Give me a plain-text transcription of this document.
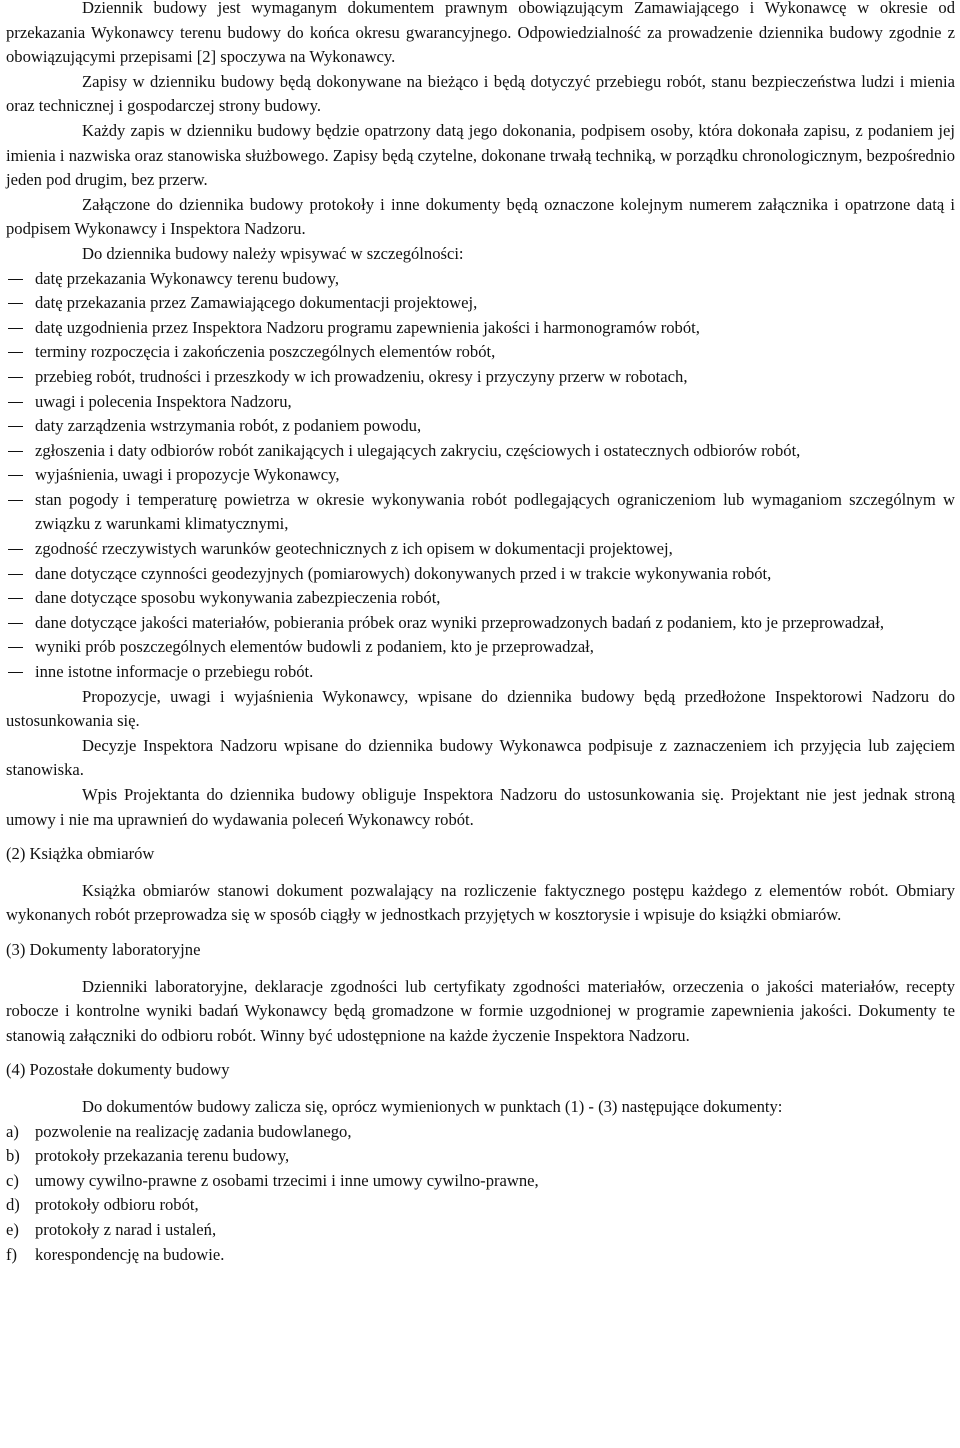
Dziennik budowy jest wymaganym dokumentem prawnym obowiązującym Zamawiającego i Wykonawcę w okresie od przekazania Wykonawcy terenu budowy do końca okresu gwarancyjnego. Odpowiedzialność za prowadzenie dziennika budowy zgodnie z obowiązującymi przepisami [2] spoczywa na Wykonawcy.

Zapisy w dzienniku budowy będą dokonywane na bieżąco i będą dotyczyć przebiegu robót, stanu bezpieczeństwa ludzi i mienia oraz technicznej i gospodarczej strony budowy.

Każdy zapis w dzienniku budowy będzie opatrzony datą jego dokonania, podpisem osoby, która dokonała zapisu, z podaniem jej imienia i nazwiska oraz stanowiska służbowego. Zapisy będą czytelne, dokonane trwałą techniką, w porządku chronologicznym, bezpośrednio jeden pod drugim, bez przerw.

Załączone do dziennika budowy protokoły i inne dokumenty będą oznaczone kolejnym numerem załącznika i opatrzone datą i podpisem Wykonawcy i Inspektora Nadzoru.

Do dziennika budowy należy wpisywać w szczególności:

datę przekazania Wykonawcy terenu budowy,
datę przekazania przez Zamawiającego dokumentacji projektowej,
datę uzgodnienia przez Inspektora Nadzoru programu zapewnienia jakości i harmonogramów robót,
terminy rozpoczęcia i zakończenia poszczególnych elementów robót,
przebieg robót, trudności i przeszkody w ich prowadzeniu, okresy i przyczyny przerw w robotach,
uwagi i polecenia Inspektora Nadzoru,
daty zarządzenia wstrzymania robót, z podaniem powodu,
zgłoszenia i daty odbiorów robót zanikających i ulegających zakryciu, częściowych i ostatecznych odbiorów robót,
wyjaśnienia, uwagi i propozycje Wykonawcy,
stan pogody i temperaturę powietrza w okresie wykonywania robót podlegających ograniczeniom lub wymaganiom szczególnym w związku z warunkami klimatycznymi,
zgodność rzeczywistych warunków geotechnicznych z ich opisem w dokumentacji projektowej,
dane dotyczące czynności geodezyjnych (pomiarowych) dokonywanych przed i w trakcie wykonywania robót,
dane dotyczące sposobu wykonywania zabezpieczenia robót,
dane dotyczące jakości materiałów, pobierania próbek oraz wyniki przeprowadzonych badań z podaniem, kto je przeprowadzał,
wyniki prób poszczególnych elementów budowli z podaniem, kto je przeprowadzał,
inne istotne informacje o przebiegu robót.

Propozycje, uwagi i wyjaśnienia Wykonawcy, wpisane do dziennika budowy będą przedłożone Inspektorowi Nadzoru do ustosunkowania się.

Decyzje Inspektora Nadzoru wpisane do dziennika budowy Wykonawca podpisuje z zaznaczeniem ich przyjęcia lub zajęciem stanowiska.

Wpis Projektanta do dziennika budowy obliguje Inspektora Nadzoru do ustosunkowania się. Projektant nie jest jednak stroną umowy i nie ma uprawnień do wydawania poleceń Wykonawcy robót.

(2) Książka obmiarów

Książka obmiarów stanowi dokument pozwalający na rozliczenie faktycznego postępu każdego z elementów robót. Obmiary wykonanych robót przeprowadza się w sposób ciągły w jednostkach przyjętych w kosztorysie i wpisuje do książki obmiarów.

(3) Dokumenty laboratoryjne

Dzienniki laboratoryjne, deklaracje zgodności lub certyfikaty zgodności materiałów, orzeczenia o jakości materiałów, recepty robocze i kontrolne wyniki badań Wykonawcy będą gromadzone w formie uzgodnionej w programie zapewnienia jakości. Dokumenty te stanowią załączniki do odbioru robót. Winny być udostępnione na każde życzenie Inspektora Nadzoru.

(4) Pozostałe dokumenty budowy

Do dokumentów budowy zalicza się, oprócz wymienionych w punktach (1) - (3) następujące dokumenty:

a) pozwolenie na realizację zadania budowlanego,
b) protokoły przekazania terenu budowy,
c) umowy cywilno-prawne z osobami trzecimi i inne umowy cywilno-prawne,
d) protokoły odbioru robót,
e) protokoły z narad i ustaleń,
f)	korespondencję na budowie.
